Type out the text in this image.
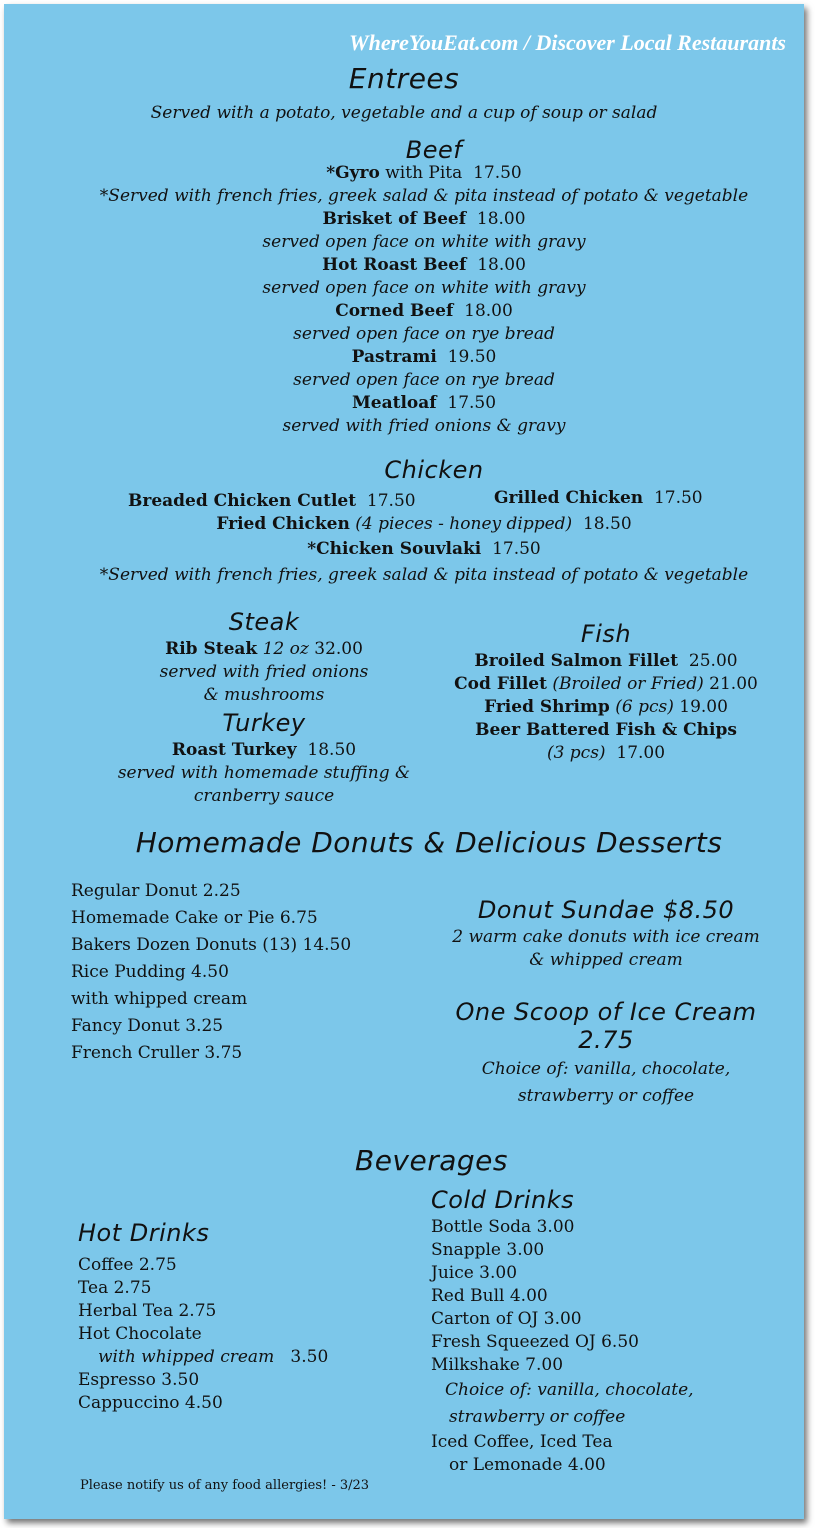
WhereYouEat.com / Discover Local Restaurants
Entrees
Served with a potato, vegetable and a cup of soup or salad
Beef
*Gyro with Pita 17.50
*Served with french fries, greek salad & pita instead of potato & vegetable
Brisket of Beef 18.00
served open face on white with gravy
Hot Roast Beef 18.00
served open face on white with gravy
Corned Beef 18.00
served open face on rye bread
Pastrami 19.50
served open face on rye bread
Meatloaf 17.50
served with fried onions & gravy
Chicken
Breaded Chicken Cutlet 17.50	Grilled Chicken 17.50
Fried Chicken (4 pieces - honey dipped) 18.50
*Chicken Souvlaki 17.50
*Served with french fries, greek salad & pita instead of potato & vegetable
Steak
Rib Steak 12 oz 32.00
served with fried onions
& mushrooms
Turkey
Roast Turkey 18.50
served with homemade stuffing &
cranberry sauce
Fish
Broiled Salmon Fillet 25.00
Cod Fillet (Broiled or Fried) 21.00
Fried Shrimp (6 pcs) 19.00
Beer Battered Fish & Chips
(3 pcs) 17.00
Homemade Donuts & Delicious Desserts
Regular Donut 2.25
Homemade Cake or Pie 6.75
Bakers Dozen Donuts (13) 14.50
Rice Pudding 4.50
with whipped cream
Fancy Donut 3.25
French Cruller 3.75
Donut Sundae $8.50
2 warm cake donuts with ice cream
& whipped cream
One Scoop of Ice Cream
2.75
Choice of: vanilla, chocolate,
strawberry or coffee
Beverages
Hot Drinks
Coffee 2.75
Tea 2.75
Herbal Tea 2.75
Hot Chocolate
with whipped cream 3.50
Espresso 3.50
Cappuccino 4.50
Cold Drinks
Bottle Soda 3.00
Snapple 3.00
Juice 3.00
Red Bull 4.00
Carton of OJ 3.00
Fresh Squeezed OJ 6.50
Milkshake 7.00
Choice of: vanilla, chocolate,
strawberry or coffee
Iced Coffee, Iced Tea
or Lemonade 4.00
Please notify us of any food allergies! - 3/23
